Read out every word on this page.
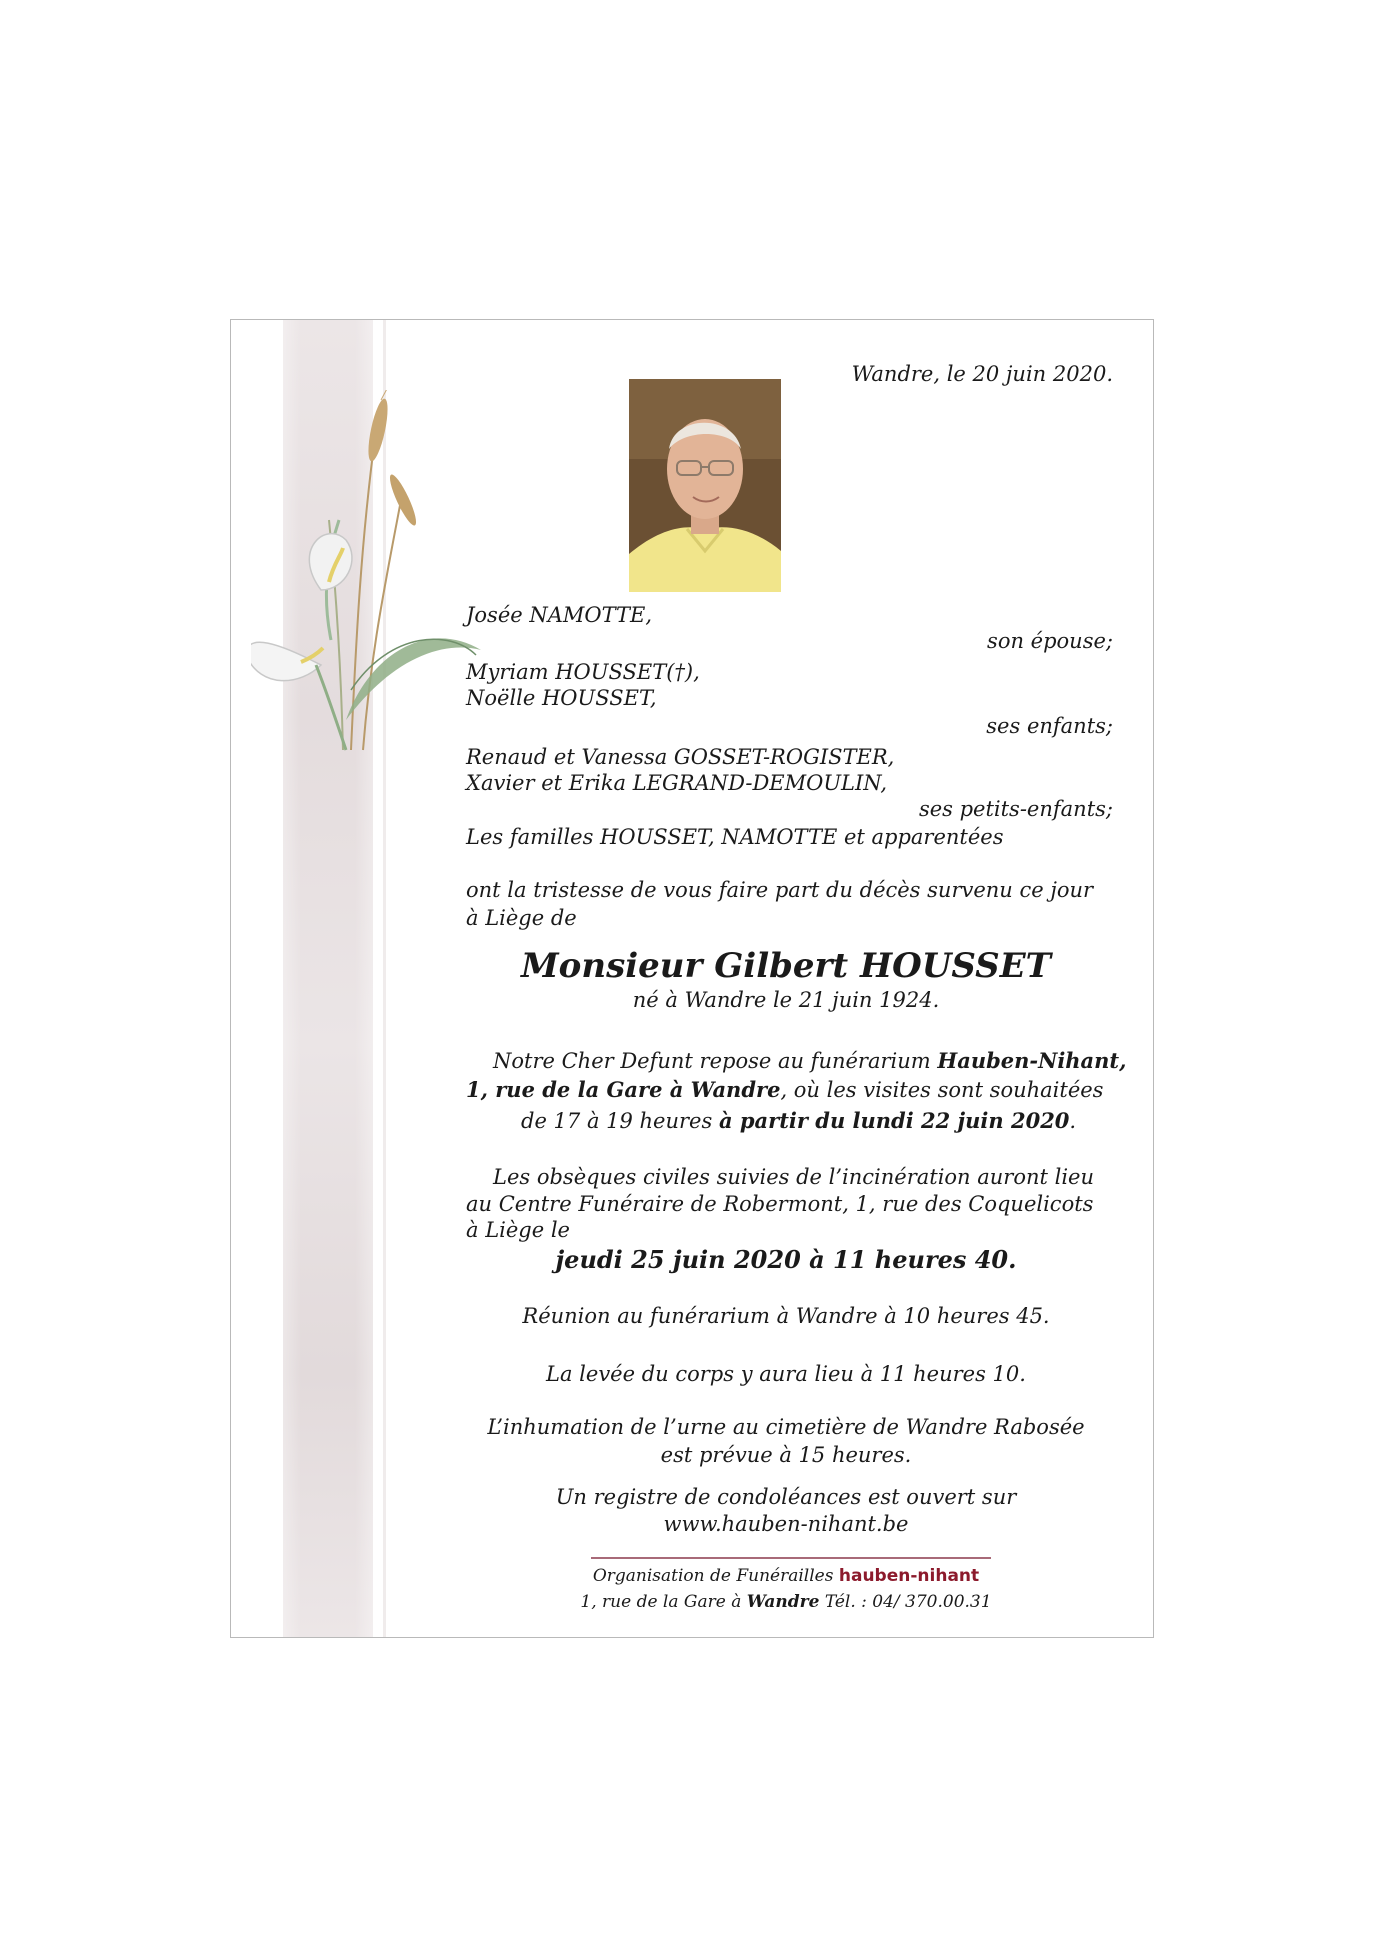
Wandre, le 20 juin 2020.
Josée NAMOTTE,
son épouse;
Myriam HOUSSET(†),
Noëlle HOUSSET,
ses enfants;
Renaud et Vanessa GOSSET-ROGISTER,
Xavier et Erika LEGRAND-DEMOULIN,
ses petits-enfants;
Les familles HOUSSET, NAMOTTE et apparentées
ont la tristesse de vous faire part du décès survenu ce jour
à Liège de
Monsieur Gilbert HOUSSET
né à Wandre le 21 juin 1924.
Notre Cher Defunt repose au funérarium Hauben-Nihant,
1, rue de la Gare à Wandre, où les visites sont souhaitées
de 17 à 19 heures à partir du lundi 22 juin 2020.
Les obsèques civiles suivies de l’incinération auront lieu
au Centre Funéraire de Robermont, 1, rue des Coquelicots
à Liège le
jeudi 25 juin 2020 à 11 heures 40.
Réunion au funérarium à Wandre à 10 heures 45.
La levée du corps y aura lieu à 11 heures 10.
L’inhumation de l’urne au cimetière de Wandre Rabosée
est prévue à 15 heures.
Un registre de condoléances est ouvert sur
www.hauben-nihant.be
Organisation de Funérailles hauben-nihant
1, rue de la Gare à Wandre Tél. : 04/ 370.00.31
